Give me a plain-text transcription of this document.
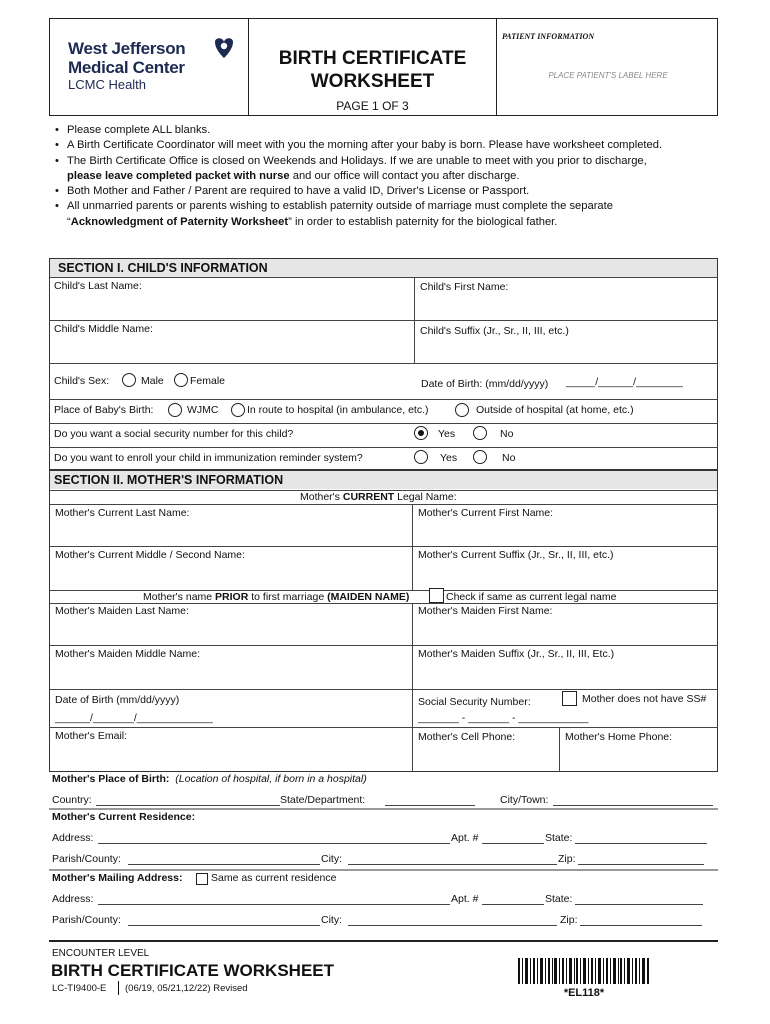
West Jefferson
Medical Center
LCMC Health
BIRTH CERTIFICATE
WORKSHEET
PAGE 1 OF 3
PATIENT INFORMATION
PLACE PATIENT'S LABEL HERE
• Please complete ALL blanks.
• A Birth Certificate Coordinator will meet with you the morning after your baby is born. Please have worksheet completed.
• The Birth Certificate Office is closed on Weekends and Holidays. If we are unable to meet with you prior to discharge,
please leave completed packet with nurse and our office will contact you after discharge.
• Both Mother and Father / Parent are required to have a valid ID, Driver's License or Passport.
• All unmarried parents or parents wishing to establish paternity outside of marriage must complete the separate
“Acknowledgment of Paternity Worksheet” in order to establish paternity for the biological father.
SECTION I. CHILD'S INFORMATION
Child's Last Name:	Child's First Name:
Child's Middle Name:	Child's Suffix (Jr., Sr., II, III, etc.)
Child's Sex:	Male Female	Date of Birth: (mm/dd/yyyy) _____/______/________
Place of Baby's Birth:	WJMC	In route to hospital (in ambulance, etc.)	Outside of hospital (at home, etc.)
Do you want a social security number for this child?	Yes	No
Do you want to enroll your child in immunization reminder system?	Yes	No
SECTION II. MOTHER'S INFORMATION
Mother's CURRENT Legal Name:
Mother's Current Last Name:	Mother's Current First Name:
Mother's Current Middle / Second Name:	Mother's Current Suffix (Jr., Sr., II, III, etc.)
Mother's name PRIOR to first marriage (MAIDEN NAME)	Check if same as current legal name
Mother's Maiden Last Name:	Mother's Maiden First Name:
Mother's Maiden Middle Name:	Mother's Maiden Suffix (Jr., Sr., II, III, Etc.)
Date of Birth (mm/dd/yyyy)
______/_______/_____________
Social Security Number:	Mother does not have SS#
_______ - _______ - ____________
Mother's Email:	Mother's Cell Phone:	Mother's Home Phone:
Mother's Place of Birth: (Location of hospital, if born in a hospital)
Country:	State/Department:	City/Town:
Mother's Current Residence:
Address:	Apt. #	State:
Parish/County:	City:	Zip:
Mother's Mailing Address:	Same as current residence
Address:	Apt. #	State:
Parish/County:	City:	Zip:
ENCOUNTER LEVEL
BIRTH CERTIFICATE WORKSHEET
LC-TI9400-E (06/19, 05/21,12/22) Revised	*EL118*
